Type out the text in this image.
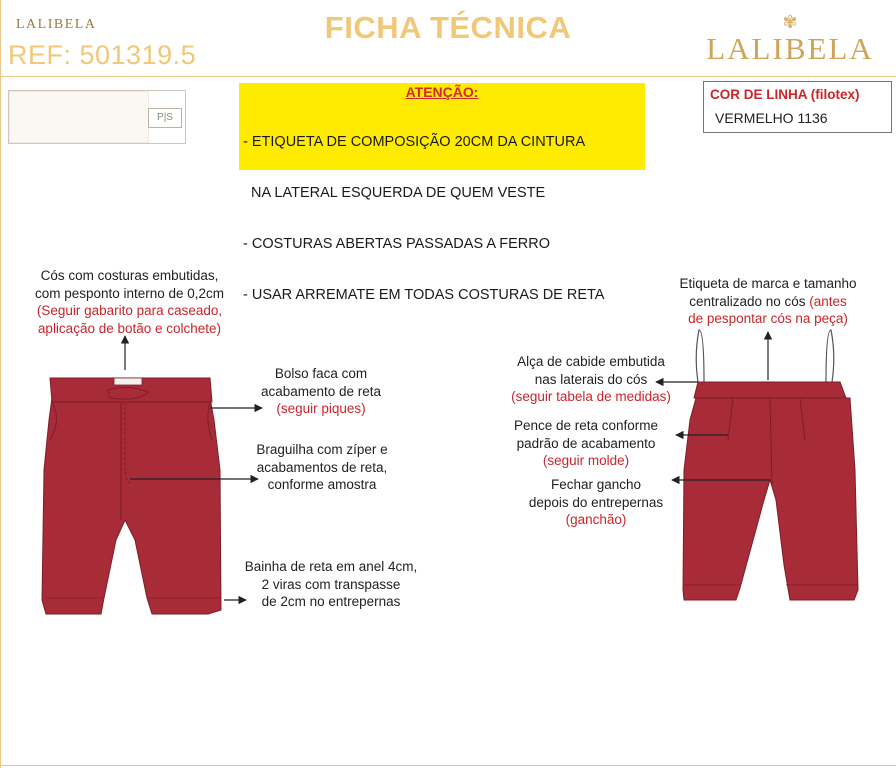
FICHA TÉCNICA
REF: 501319.5
✾
LALIBELA
LALIBELA
P|S
ATENÇÃO:

- ETIQUETA DE COMPOSIÇÃO 20CM DA CINTURA

NA LATERAL ESQUERDA DE QUEM VESTE

- COSTURAS ABERTAS PASSADAS A FERRO

- USAR ARREMATE EM TODAS COSTURAS DE RETA

COR DE LINHA (filotex)
VERMELHO 1136
Cós com costuras embutidas,
com pesponto interno de 0,2cm
(Seguir gabarito para caseado,
aplicação de botão e colchete)
Bolso faca com
acabamento de reta
(seguir piques)
Braguilha com zíper e
acabamentos de reta,
conforme amostra
Bainha de reta em anel 4cm,
2 viras com transpasse
de 2cm no entrepernas
Etiqueta de marca e tamanho
centralizado no cós (antes
de pespontar cós na peça)
Alça de cabide embutida
nas laterais do cós
(seguir tabela de medidas)
Pence de reta conforme
padrão de acabamento
(seguir molde)
Fechar gancho
depois do entrepernas
(ganchão)
